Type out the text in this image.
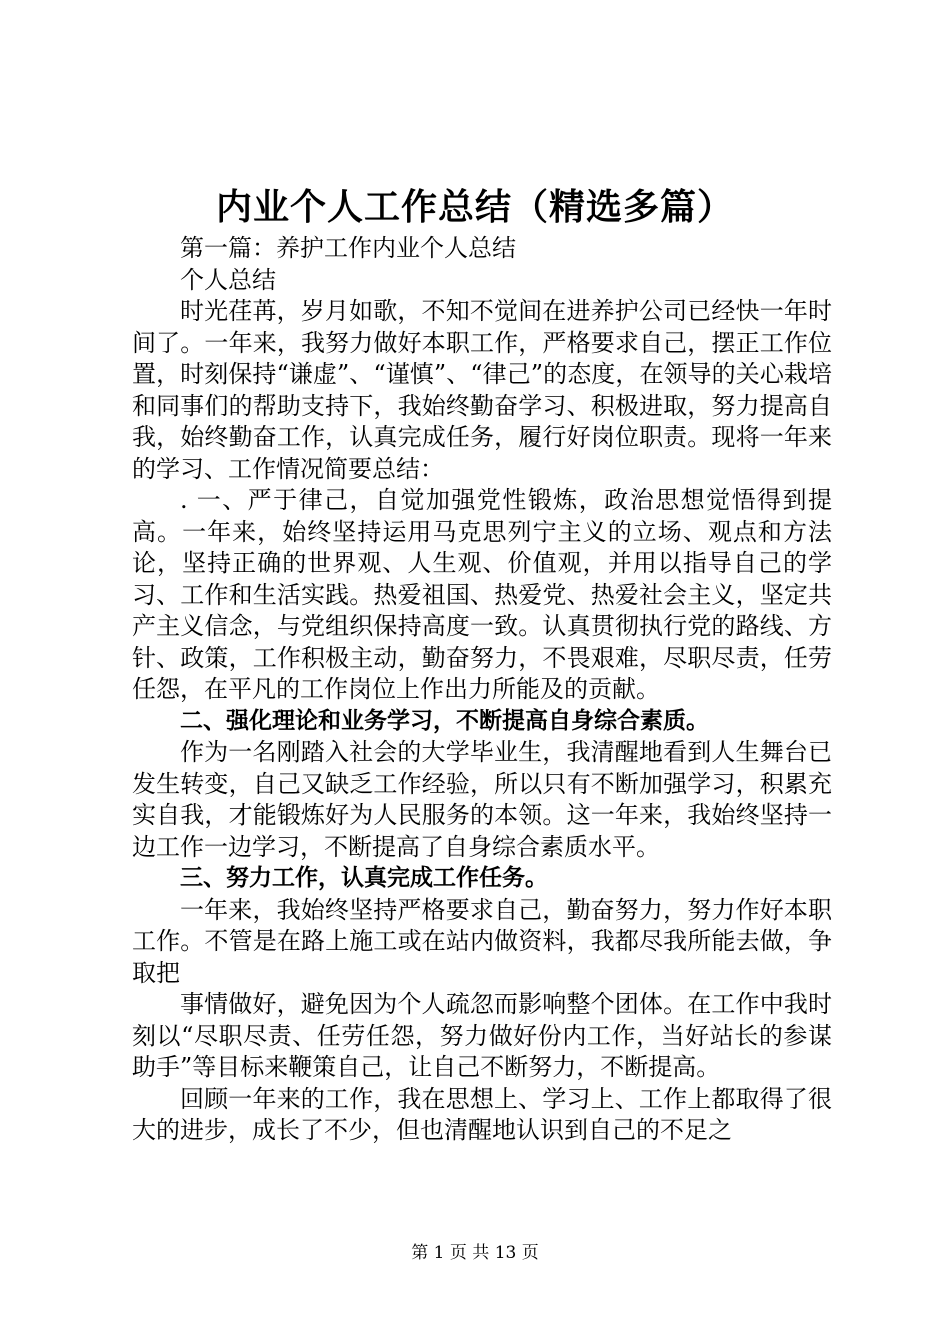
内业个人工作总结（精选多篇）

第一篇：养护工作内业个人总结

个人总结

时光荏苒，岁月如歌，不知不觉间在进养护公司已经快一年时间了。一年来，我努力做好本职工作，严格要求自己，摆正工作位置，时刻保持“谦虚”、“谨慎”、“律己”的态度，在领导的关心栽培和同事们的帮助支持下，我始终勤奋学习、积极进取，努力提高自我，始终勤奋工作，认真完成任务，履行好岗位职责。现将一年来的学习、工作情况简要总结：

. 一、严于律己，自觉加强党性锻炼，政治思想觉悟得到提高。一年来，始终坚持运用马克思列宁主义的立场、观点和方法论，坚持正确的世界观、人生观、价值观，并用以指导自己的学习、工作和生活实践。热爱祖国、热爱党、热爱社会主义，坚定共产主义信念，与党组织保持高度一致。认真贯彻执行党的路线、方针、政策，工作积极主动，勤奋努力，不畏艰难，尽职尽责，任劳任怨，在平凡的工作岗位上作出力所能及的贡献。

二、强化理论和业务学习，不断提高自身综合素质。

作为一名刚踏入社会的大学毕业生，我清醒地看到人生舞台已发生转变，自己又缺乏工作经验，所以只有不断加强学习，积累充实自我，才能锻炼好为人民服务的本领。这一年来，我始终坚持一边工作一边学习，不断提高了自身综合素质水平。

三、努力工作，认真完成工作任务。

一年来，我始终坚持严格要求自己，勤奋努力，努力作好本职工作。不管是在路上施工或在站内做资料，我都尽我所能去做，争取把

事情做好，避免因为个人疏忽而影响整个团体。在工作中我时刻以“尽职尽责、任劳任怨，努力做好份内工作，当好站长的参谋助手”等目标来鞭策自己，让自己不断努力，不断提高。

回顾一年来的工作，我在思想上、学习上、工作上都取得了很大的进步，成长了不少，但也清醒地认识到自己的不足之

第 1 页 共 13 页
